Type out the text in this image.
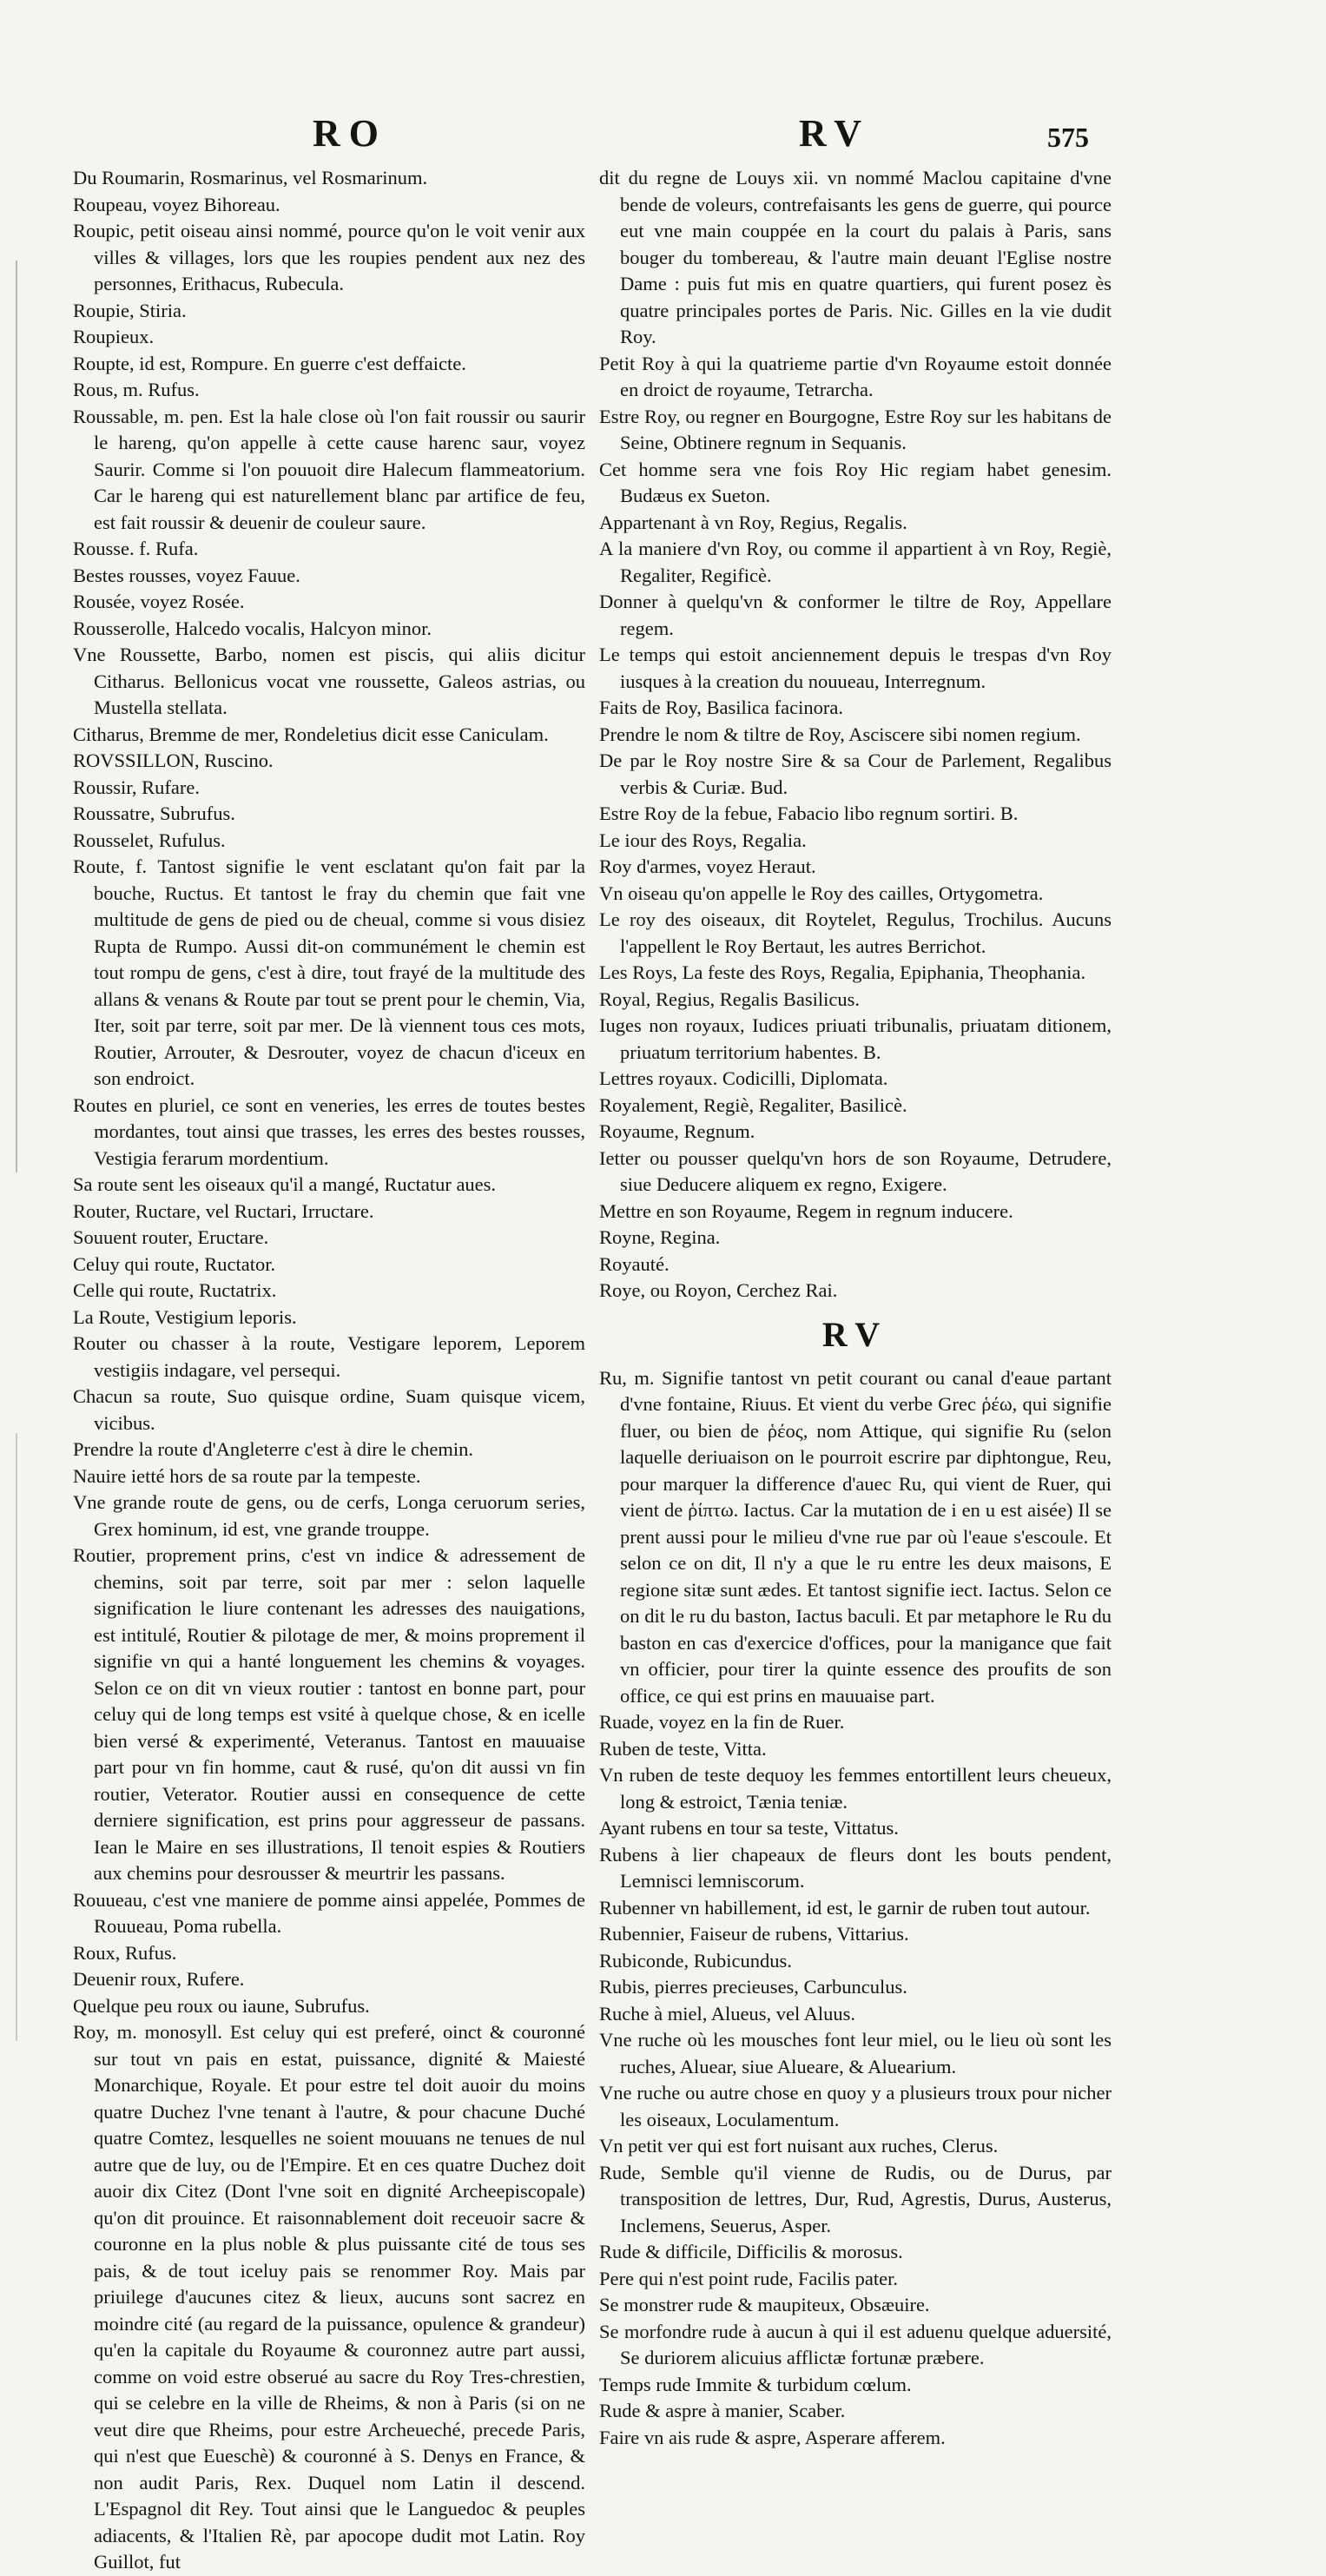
RO	RV	575

Du Roumarin, Rosmarinus, vel Rosmarinum.

Roupeau, voyez Bihoreau.

Roupic, petit oiseau ainsi nommé, pource qu'on le voit venir aux villes & villages, lors que les roupies pendent aux nez des personnes, Erithacus, Rubecula.

Roupie, Stiria.

Roupieux.

Roupte, id est, Rompure. En guerre c'est deffaicte.

Rous, m. Rufus.

Roussable, m. pen. Est la hale close où l'on fait roussir ou saurir le hareng, qu'on appelle à cette cause harenc saur, voyez Saurir. Comme si l'on pouuoit dire Halecum flammeatorium. Car le hareng qui est naturellement blanc par artifice de feu, est fait roussir & deuenir de couleur saure.

Rousse. f. Rufa.

Bestes rousses, voyez Fauue.

Rousée, voyez Rosée.

Rousserolle, Halcedo vocalis, Halcyon minor.

Vne Roussette, Barbo, nomen est piscis, qui aliis dicitur Citharus. Bellonicus vocat vne roussette, Galeos astrias, ou Mustella stellata.

Citharus, Bremme de mer, Rondeletius dicit esse Caniculam.

ROVSSILLON, Ruscino.

Roussir, Rufare.

Roussatre, Subrufus.

Rousselet, Rufulus.

Route, f. Tantost signifie le vent esclatant qu'on fait par la bouche, Ructus. Et tantost le fray du chemin que fait vne multitude de gens de pied ou de cheual, comme si vous disiez Rupta de Rumpo. Aussi dit-on communément le chemin est tout rompu de gens, c'est à dire, tout frayé de la multitude des allans & venans & Route par tout se prent pour le chemin, Via, Iter, soit par terre, soit par mer. De là viennent tous ces mots, Routier, Arrouter, & Desrouter, voyez de chacun d'iceux en son endroict.

Routes en pluriel, ce sont en veneries, les erres de toutes bestes mordantes, tout ainsi que trasses, les erres des bestes rousses, Vestigia ferarum mordentium.

Sa route sent les oiseaux qu'il a mangé, Ructatur aues.

Router, Ructare, vel Ructari, Irructare.

Souuent router, Eructare.

Celuy qui route, Ructator.

Celle qui route, Ructatrix.

La Route, Vestigium leporis.

Router ou chasser à la route, Vestigare leporem, Leporem vestigiis indagare, vel persequi.

Chacun sa route, Suo quisque ordine, Suam quisque vicem, vicibus.

Prendre la route d'Angleterre c'est à dire le chemin.

Nauire ietté hors de sa route par la tempeste.

Vne grande route de gens, ou de cerfs, Longa ceruorum series, Grex hominum, id est, vne grande trouppe.

Routier, proprement prins, c'est vn indice & adressement de chemins, soit par terre, soit par mer : selon laquelle signification le liure contenant les adresses des nauigations, est intitulé, Routier & pilotage de mer, & moins proprement il signifie vn qui a hanté longuement les chemins & voyages. Selon ce on dit vn vieux routier : tantost en bonne part, pour celuy qui de long temps est vsité à quelque chose, & en icelle bien versé & experimenté, Veteranus. Tantost en mauuaise part pour vn fin homme, caut & rusé, qu'on dit aussi vn fin routier, Veterator. Routier aussi en consequence de cette derniere signification, est prins pour aggresseur de passans. Iean le Maire en ses illustrations, Il tenoit espies & Routiers aux chemins pour desrousser & meurtrir les passans.

Rouueau, c'est vne maniere de pomme ainsi appelée, Pommes de Rouueau, Poma rubella.

Roux, Rufus.

Deuenir roux, Rufere.

Quelque peu roux ou iaune, Subrufus.

Roy, m. monosyll. Est celuy qui est preferé, oinct & couronné sur tout vn pais en estat, puissance, dignité & Maiesté Monarchique, Royale. Et pour estre tel doit auoir du moins quatre Duchez l'vne tenant à l'autre, & pour chacune Duché quatre Comtez, lesquelles ne soient mouuans ne tenues de nul autre que de luy, ou de l'Empire. Et en ces quatre Duchez doit auoir dix Citez (Dont l'vne soit en dignité Archeepiscopale) qu'on dit prouince. Et raisonnablement doit receuoir sacre & couronne en la plus noble & plus puissante cité de tous ses pais, & de tout iceluy pais se renommer Roy. Mais par priuilege d'aucunes citez & lieux, aucuns sont sacrez en moindre cité (au regard de la puissance, opulence & grandeur) qu'en la capitale du Royaume & couronnez autre part aussi, comme on void estre obserué au sacre du Roy Tres-chrestien, qui se celebre en la ville de Rheims, & non à Paris (si on ne veut dire que Rheims, pour estre Archeueché, precede Paris, qui n'est que Eueschè) & couronné à S. Denys en France, & non audit Paris, Rex. Duquel nom Latin il descend. L'Espagnol dit Rey. Tout ainsi que le Languedoc & peuples adiacents, & l'Italien Rè, par apocope dudit mot Latin. Roy Guillot, fut

dit du regne de Louys xii. vn nommé Maclou capitaine d'vne bende de voleurs, contrefaisants les gens de guerre, qui pource eut vne main couppée en la court du palais à Paris, sans bouger du tombereau, & l'autre main deuant l'Eglise nostre Dame : puis fut mis en quatre quartiers, qui furent posez ès quatre principales portes de Paris. Nic. Gilles en la vie dudit Roy.

Petit Roy à qui la quatrieme partie d'vn Royaume estoit donnée en droict de royaume, Tetrarcha.

Estre Roy, ou regner en Bourgogne, Estre Roy sur les habitans de Seine, Obtinere regnum in Sequanis.

Cet homme sera vne fois Roy Hic regiam habet genesim. Budæus ex Sueton.

Appartenant à vn Roy, Regius, Regalis.

A la maniere d'vn Roy, ou comme il appartient à vn Roy, Regiè, Regaliter, Regificè.

Donner à quelqu'vn & conformer le tiltre de Roy, Appellare regem.

Le temps qui estoit anciennement depuis le trespas d'vn Roy iusques à la creation du nouueau, Interregnum.

Faits de Roy, Basilica facinora.

Prendre le nom & tiltre de Roy, Asciscere sibi nomen regium.

De par le Roy nostre Sire & sa Cour de Parlement, Regalibus verbis & Curiæ. Bud.

Estre Roy de la febue, Fabacio libo regnum sortiri. B.

Le iour des Roys, Regalia.

Roy d'armes, voyez Heraut.

Vn oiseau qu'on appelle le Roy des cailles, Ortygometra.

Le roy des oiseaux, dit Roytelet, Regulus, Trochilus. Aucuns l'appellent le Roy Bertaut, les autres Berrichot.

Les Roys, La feste des Roys, Regalia, Epiphania, Theophania.

Royal, Regius, Regalis Basilicus.

Iuges non royaux, Iudices priuati tribunalis, priuatam ditionem, priuatum territorium habentes. B.

Lettres royaux. Codicilli, Diplomata.

Royalement, Regiè, Regaliter, Basilicè.

Royaume, Regnum.

Ietter ou pousser quelqu'vn hors de son Royaume, Detrudere, siue Deducere aliquem ex regno, Exigere.

Mettre en son Royaume, Regem in regnum inducere.

Royne, Regina.

Royauté.

Roye, ou Royon, Cerchez Rai.

RV

Ru, m. Signifie tantost vn petit courant ou canal d'eaue partant d'vne fontaine, Riuus. Et vient du verbe Grec ῥέω, qui signifie fluer, ou bien de ῥέος, nom Attique, qui signifie Ru (selon laquelle deriuaison on le pourroit escrire par diphtongue, Reu, pour marquer la difference d'auec Ru, qui vient de Ruer, qui vient de ῥίπτω. Iactus. Car la mutation de i en u est aisée) Il se prent aussi pour le milieu d'vne rue par où l'eaue s'escoule. Et selon ce on dit, Il n'y a que le ru entre les deux maisons, E regione sitæ sunt ædes. Et tantost signifie iect. Iactus. Selon ce on dit le ru du baston, Iactus baculi. Et par metaphore le Ru du baston en cas d'exercice d'offices, pour la manigance que fait vn officier, pour tirer la quinte essence des proufits de son office, ce qui est prins en mauuaise part.

Ruade, voyez en la fin de Ruer.

Ruben de teste, Vitta.

Vn ruben de teste dequoy les femmes entortillent leurs cheueux, long & estroict, Tænia teniæ.

Ayant rubens en tour sa teste, Vittatus.

Rubens à lier chapeaux de fleurs dont les bouts pendent, Lemnisci lemniscorum.

Rubenner vn habillement, id est, le garnir de ruben tout autour.

Rubennier, Faiseur de rubens, Vittarius.

Rubiconde, Rubicundus.

Rubis, pierres precieuses, Carbunculus.

Ruche à miel, Alueus, vel Aluus.

Vne ruche où les mousches font leur miel, ou le lieu où sont les ruches, Aluear, siue Alueare, & Aluearium.

Vne ruche ou autre chose en quoy y a plusieurs troux pour nicher les oiseaux, Loculamentum.

Vn petit ver qui est fort nuisant aux ruches, Clerus.

Rude, Semble qu'il vienne de Rudis, ou de Durus, par transposition de lettres, Dur, Rud, Agrestis, Durus, Austerus, Inclemens, Seuerus, Asper.

Rude & difficile, Difficilis & morosus.

Pere qui n'est point rude, Facilis pater.

Se monstrer rude & maupiteux, Obsæuire.

Se morfondre rude à aucun à qui il est aduenu quelque aduersité, Se duriorem alicuius afflictæ fortunæ præbere.

Temps rude Immite & turbidum cœlum.

Rude & aspre à manier, Scaber.

Faire vn ais rude & aspre, Asperare afferem.
